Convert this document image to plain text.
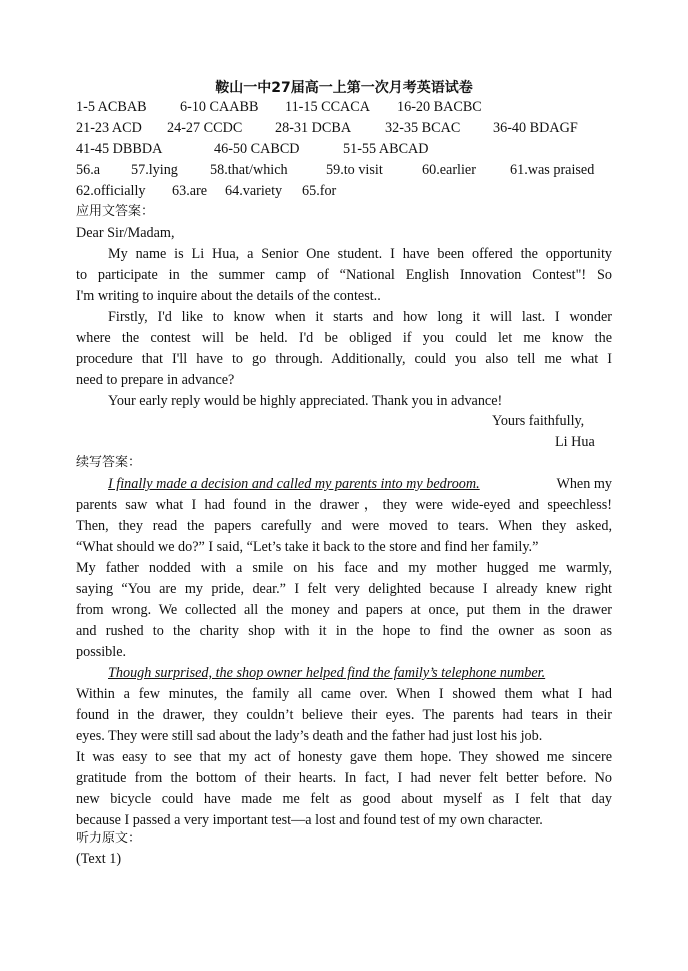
鞍山一中27届高一上第一次月考英语试卷
1-5 ACBAB 6-10 CAABB 11-15 CCACA 16-20 BACBC
21-23 ACD 24-27 CCDC 28-31 DCBA 32-35 BCAC 36-40 BDAGF
41-45 DBBDA	46-50 CABCD	51-55 ABCAD
56.a 57.lying 58.that/which	59.to visit	60.earlier 61.was praised
62.officially 63.are 64.variety 65.for
应用文答案：
Dear Sir/Madam,
My name is Li Hua, a Senior One student. I have been offered the opportunity
to participate in the summer camp of “National English Innovation Contest"! So
I'm writing to inquire about the details of the contest..
Firstly, I'd like to know when it starts and how long it will last. I wonder
where the contest will be held. I'd be obliged if you could let me know the
procedure that I'll have to go through. Additionally, could you also tell me what I
need to prepare in advance?
Your early reply would be highly appreciated. Thank you in advance!
Yours faithfully,
Li Hua
续写答案：
I finally made a decision and called my parents into my bedroom.	When my
parents saw what I had found in the drawer，they were wide-eyed and speechless!
Then, they read the papers carefully and were moved to tears. When they asked,
“What should we do?” I said, “Let’s take it back to the store and find her family.”
My father nodded with a smile on his face and my mother hugged me warmly,
saying “You are my pride, dear.” I felt very delighted because I already knew right
from wrong. We collected all the money and papers at once, put them in the drawer
and rushed to the charity shop with it in the hope to find the owner as soon as
possible.
Though surprised, the shop owner helped find the family’s telephone number.
Within a few minutes, the family all came over. When I showed them what I had
found in the drawer, they couldn’t believe their eyes. The parents had tears in their
eyes. They were still sad about the lady’s death and the father had just lost his job.
It was easy to see that my act of honesty gave them hope. They showed me sincere
gratitude from the bottom of their hearts. In fact, I had never felt better before. No
new bicycle could have made me felt as good about myself as I felt that day
because I passed a very important test—a lost and found test of my own character.
听力原文：
(Text 1)
